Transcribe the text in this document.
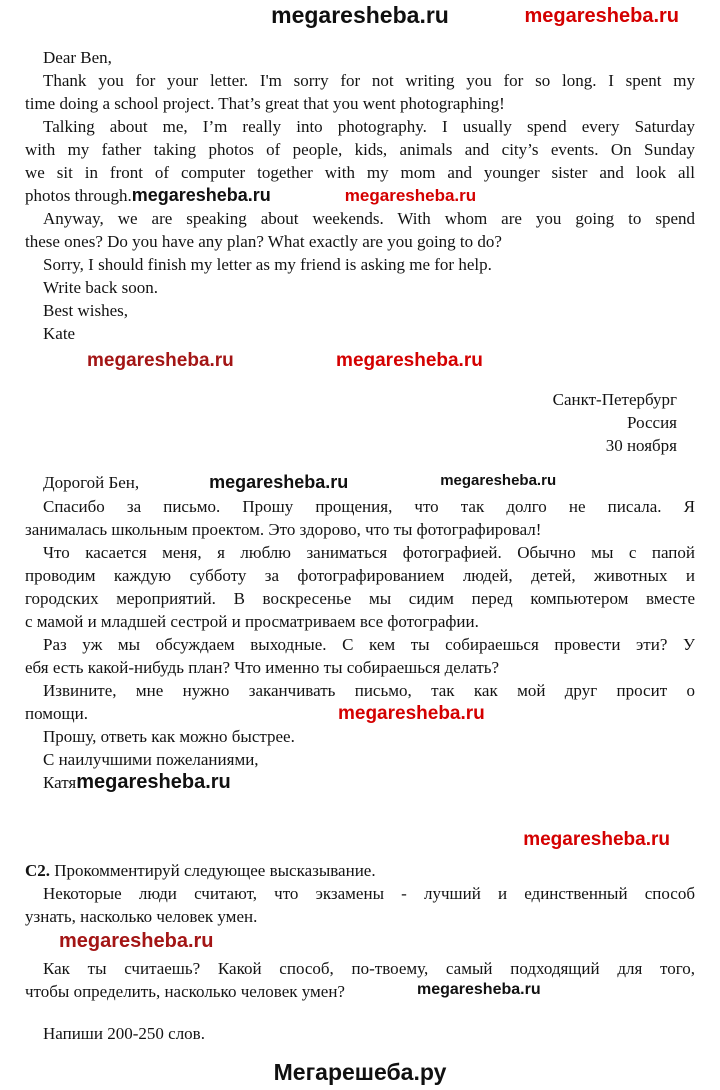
megaresheba.ru	megaresheba.ru
Dear Ben,
Thank you for your letter. I'm sorry for not writing you for so long. I spent my
time doing a school project. That’s great that you went photographing!
Talking about me, I’m really into photography. I usually spend every Saturday
with my father taking photos of people, kids, animals and city’s events. On Sunday
we sit in front of computer together with my mom and younger sister and look all
photos through.megaresheba.ru	megaresheba.ru
Anyway, we are speaking about weekends. With whom are you going to spend
these ones? Do you have any plan? What exactly are you going to do?
Sorry, I should finish my letter as my friend is asking me for help.
Write back soon.
Best wishes,
Kate
megaresheba.ru	megaresheba.ru
Санкт-Петербург
Россия
30 ноября
Дорогой Бен,	megaresheba.ru	megaresheba.ru
Спасибо за письмо. Прошу прощения, что так долго не писала. Я
занималась школьным проектом. Это здорово, что ты фотографировал!
Что касается меня, я люблю заниматься фотографией. Обычно мы с папой
проводим каждую субботу за фотографированием людей, детей, животных и
городских мероприятий. В воскресенье мы сидим перед компьютером вместе
с мамой и младшей сестрой и просматриваем все фотографии.
Раз уж мы обсуждаем выходные. С кем ты собираешься провести эти? У
ебя есть какой-нибудь план? Что именно ты собираешься делать?
Извините, мне нужно заканчивать письмо, так как мой друг просит о
помощи.	megaresheba.ru
Прошу, ответь как можно быстрее.
С наилучшими пожеланиями,
Катяmegaresheba.ru
megaresheba.ru
С2. Прокомментируй следующее высказывание.
Некоторые люди считают, что экзамены - лучший и единственный способ
узнать, насколько человек умен.
megaresheba.ru
Как ты считаешь? Какой способ, по-твоему, самый подходящий для того,
чтобы определить, насколько человек умен?	megaresheba.ru
Напиши 200-250 слов.
Мегарешеба.ру
